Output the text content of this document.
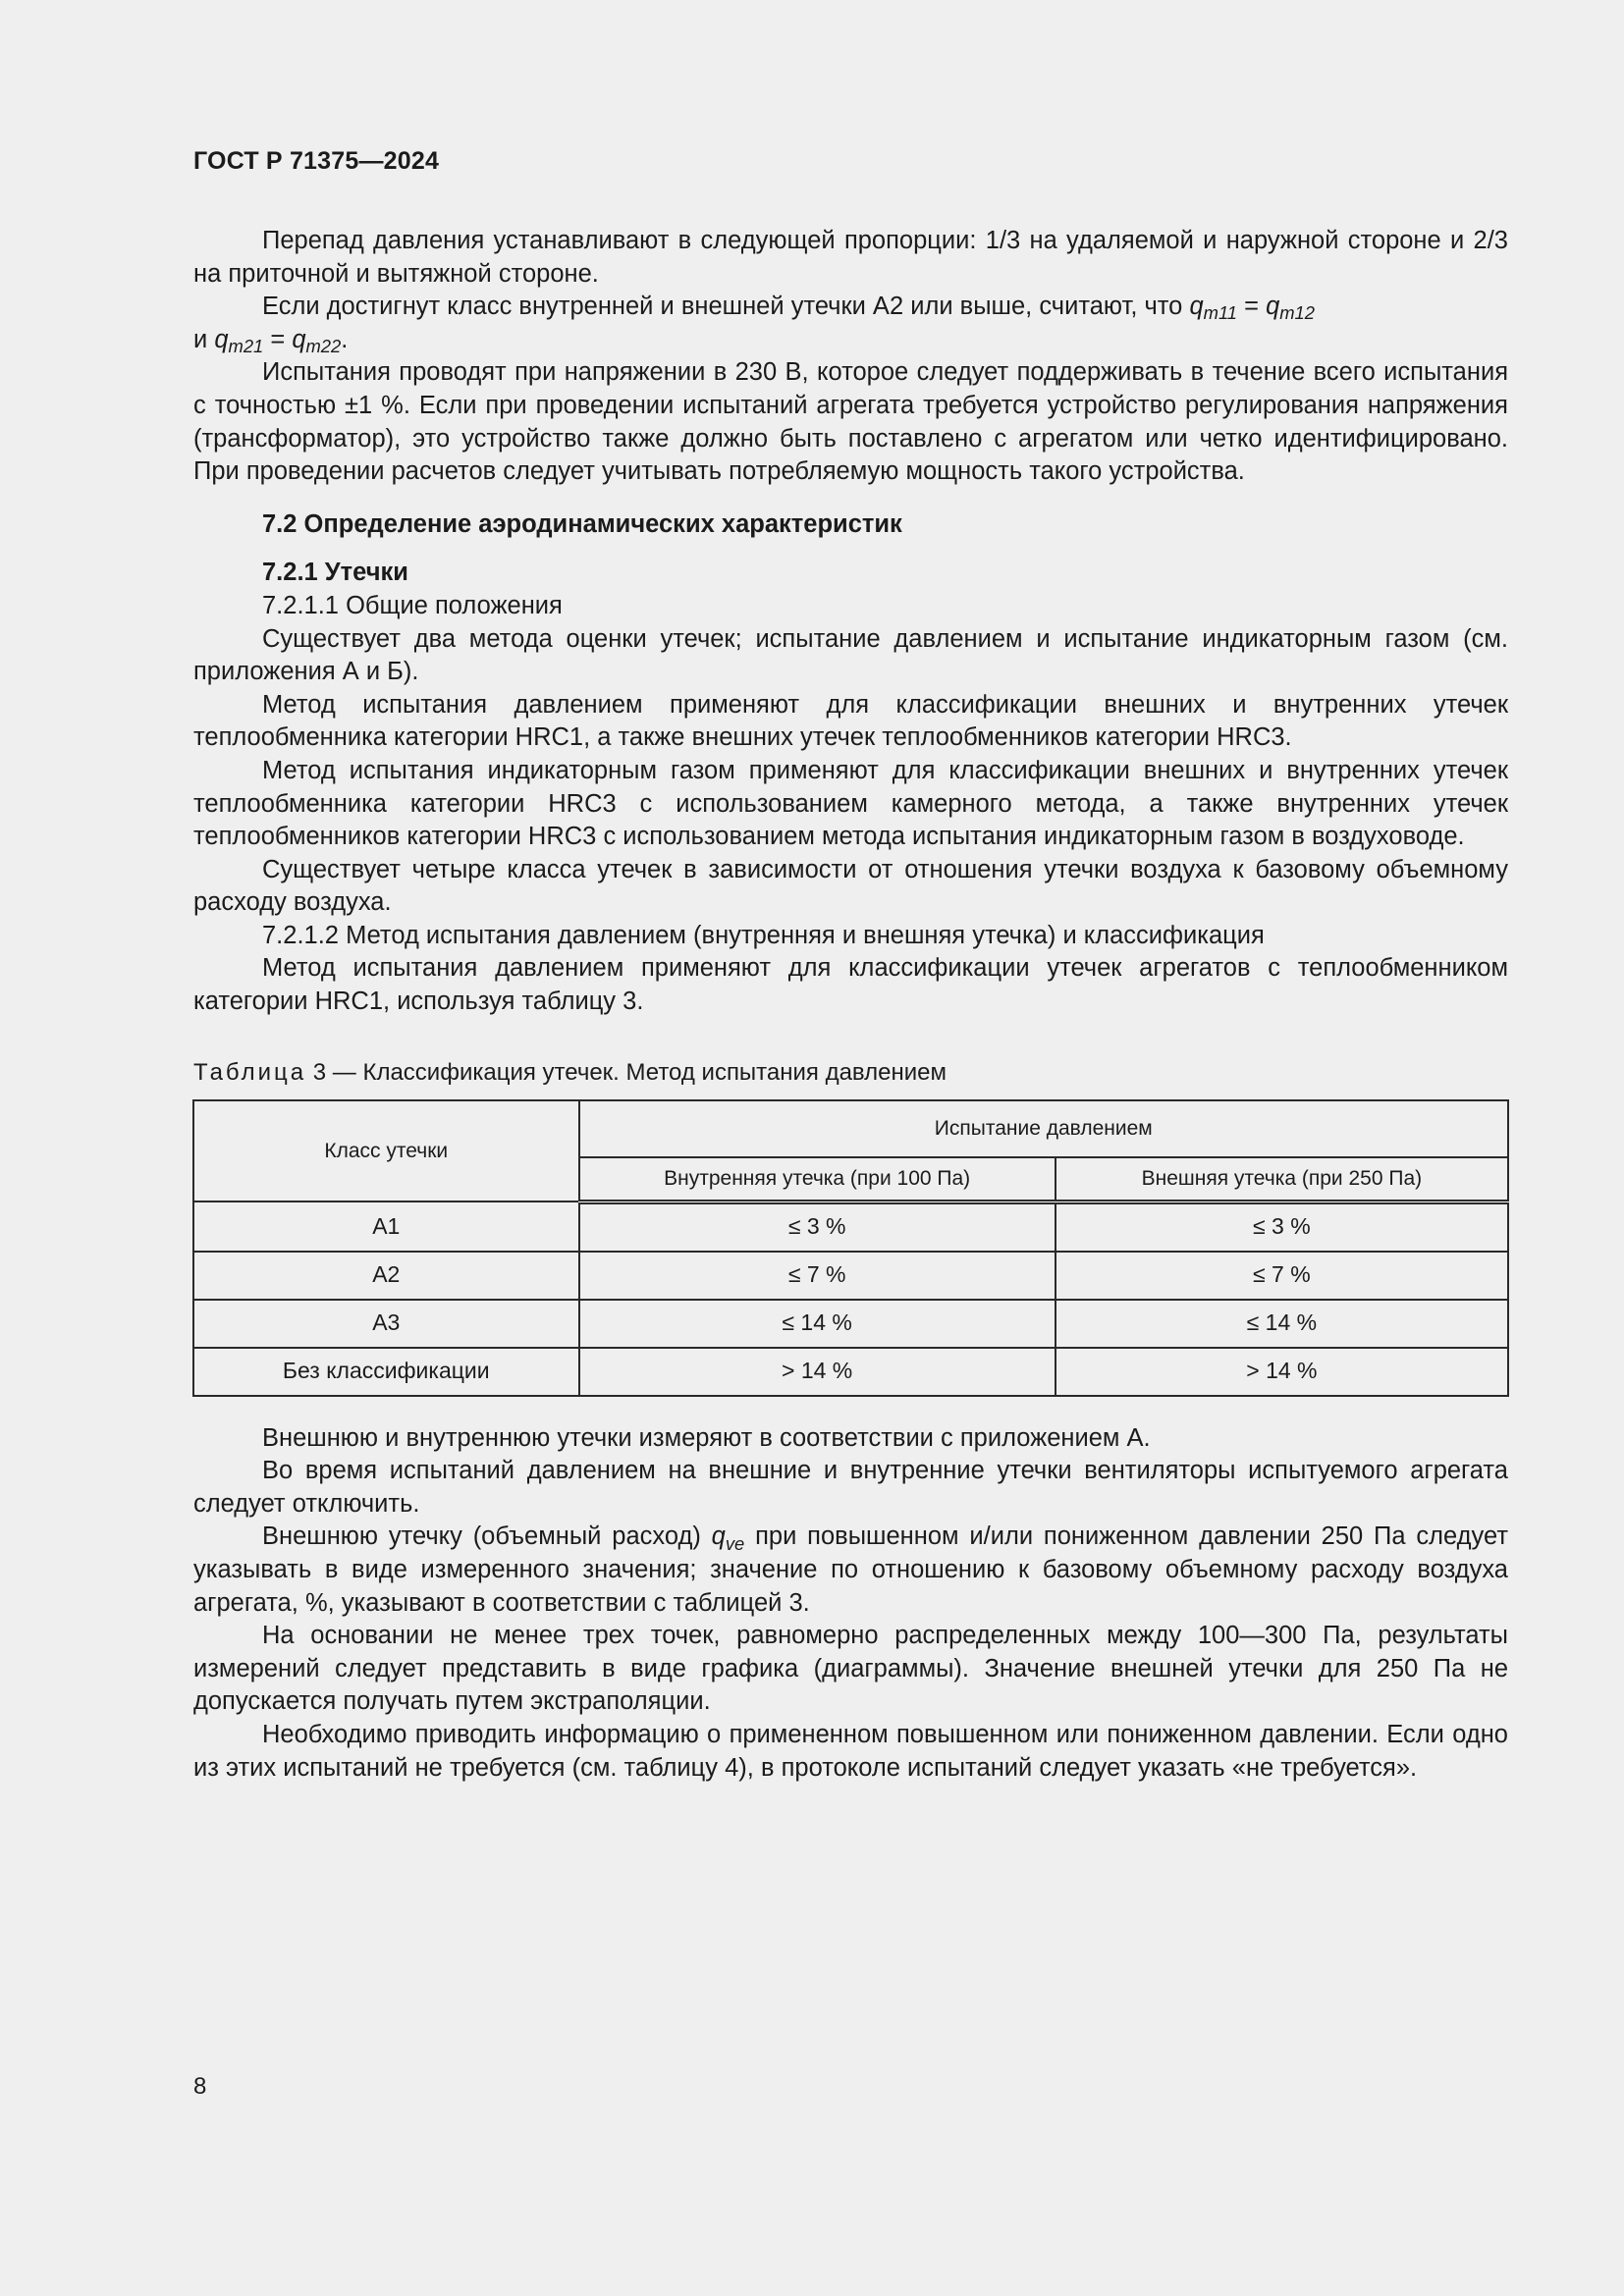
ГОСТ Р 71375—2024

Перепад давления устанавливают в следующей пропорции: 1/3 на удаляемой и наружной стороне и 2/3 на приточной и вытяжной стороне.

Если достигнут класс внутренней и внешней утечки A2 или выше, считают, что $q_{m11} = q_{m12}$
и $q_{m21} = q_{m22}$.

Испытания проводят при напряжении в 230 В, которое следует поддерживать в течение всего испытания с точностью ±1 %. Если при проведении испытаний агрегата требуется устройство регулирования напряжения (трансформатор), это устройство также должно быть поставлено с агрегатом или четко идентифицировано. При проведении расчетов следует учитывать потребляемую мощность такого устройства.

7.2 Определение аэродинамических характеристик

7.2.1 Утечки

7.2.1.1 Общие положения

Существует два метода оценки утечек; испытание давлением и испытание индикаторным газом (см. приложения А и Б).

Метод испытания давлением применяют для классификации внешних и внутренних утечек теплообменника категории HRC1, а также внешних утечек теплообменников категории HRC3.

Метод испытания индикаторным газом применяют для классификации внешних и внутренних утечек теплообменника категории HRC3 с использованием камерного метода, а также внутренних утечек теплообменников категории HRC3 с использованием метода испытания индикаторным газом в воздуховоде.

Существует четыре класса утечек в зависимости от отношения утечки воздуха к базовому объемному расходу воздуха.

7.2.1.2 Метод испытания давлением (внутренняя и внешняя утечка) и классификация

Метод испытания давлением применяют для классификации утечек агрегатов с теплообменником категории HRC1, используя таблицу 3.

Таблица 3 — Классификация утечек. Метод испытания давлением
Класс утечки	Испытание давлением	
	Внутренняя утечка (при 100 Па)	Внешняя утечка (при 250 Па)
A1	≤ 3 %	≤ 3 %
A2	≤ 7 %	≤ 7 %
A3	≤ 14 %	≤ 14 %
Без классификации	> 14 %	> 14 %

Внешнюю и внутреннюю утечки измеряют в соответствии с приложением А.

Во время испытаний давлением на внешние и внутренние утечки вентиляторы испытуемого агрегата следует отключить.

Внешнюю утечку (объемный расход) $q_{ve}$ при повышенном и/или пониженном давлении 250 Па следует указывать в виде измеренного значения; значение по отношению к базовому объемному расходу воздуха агрегата, %, указывают в соответствии с таблицей 3.

На основании не менее трех точек, равномерно распределенных между 100—300 Па, результаты измерений следует представить в виде графика (диаграммы). Значение внешней утечки для 250 Па не допускается получать путем экстраполяции.

Необходимо приводить информацию о примененном повышенном или пониженном давлении. Если одно из этих испытаний не требуется (см. таблицу 4), в протоколе испытаний следует указать «не требуется».

8
